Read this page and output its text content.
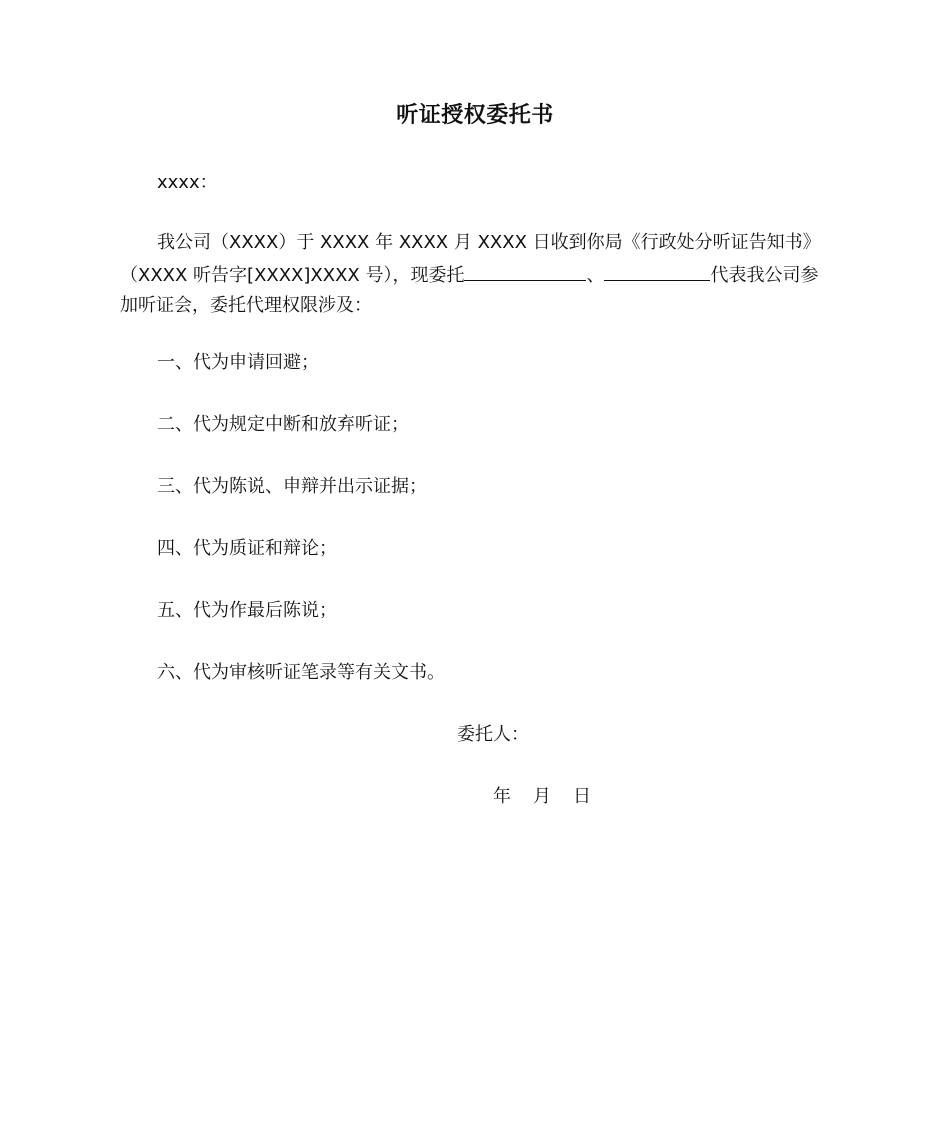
听证授权委托书
xxxx：
我公司（XXXX）于 XXXX 年 XXXX 月 XXXX 日收到你局《行政处分听证告知书》
（XXXX 听告字[XXXX]XXXX 号），现委托	、	代表我公司参
加听证会，委托代理权限涉及：
一、代为申请回避；
二、代为规定中断和放弃听证；
三、代为陈说、申辩并出示证据；
四、代为质证和辩论；
五、代为作最后陈说；
六、代为审核听证笔录等有关文书。
委托人：
年 月 日
